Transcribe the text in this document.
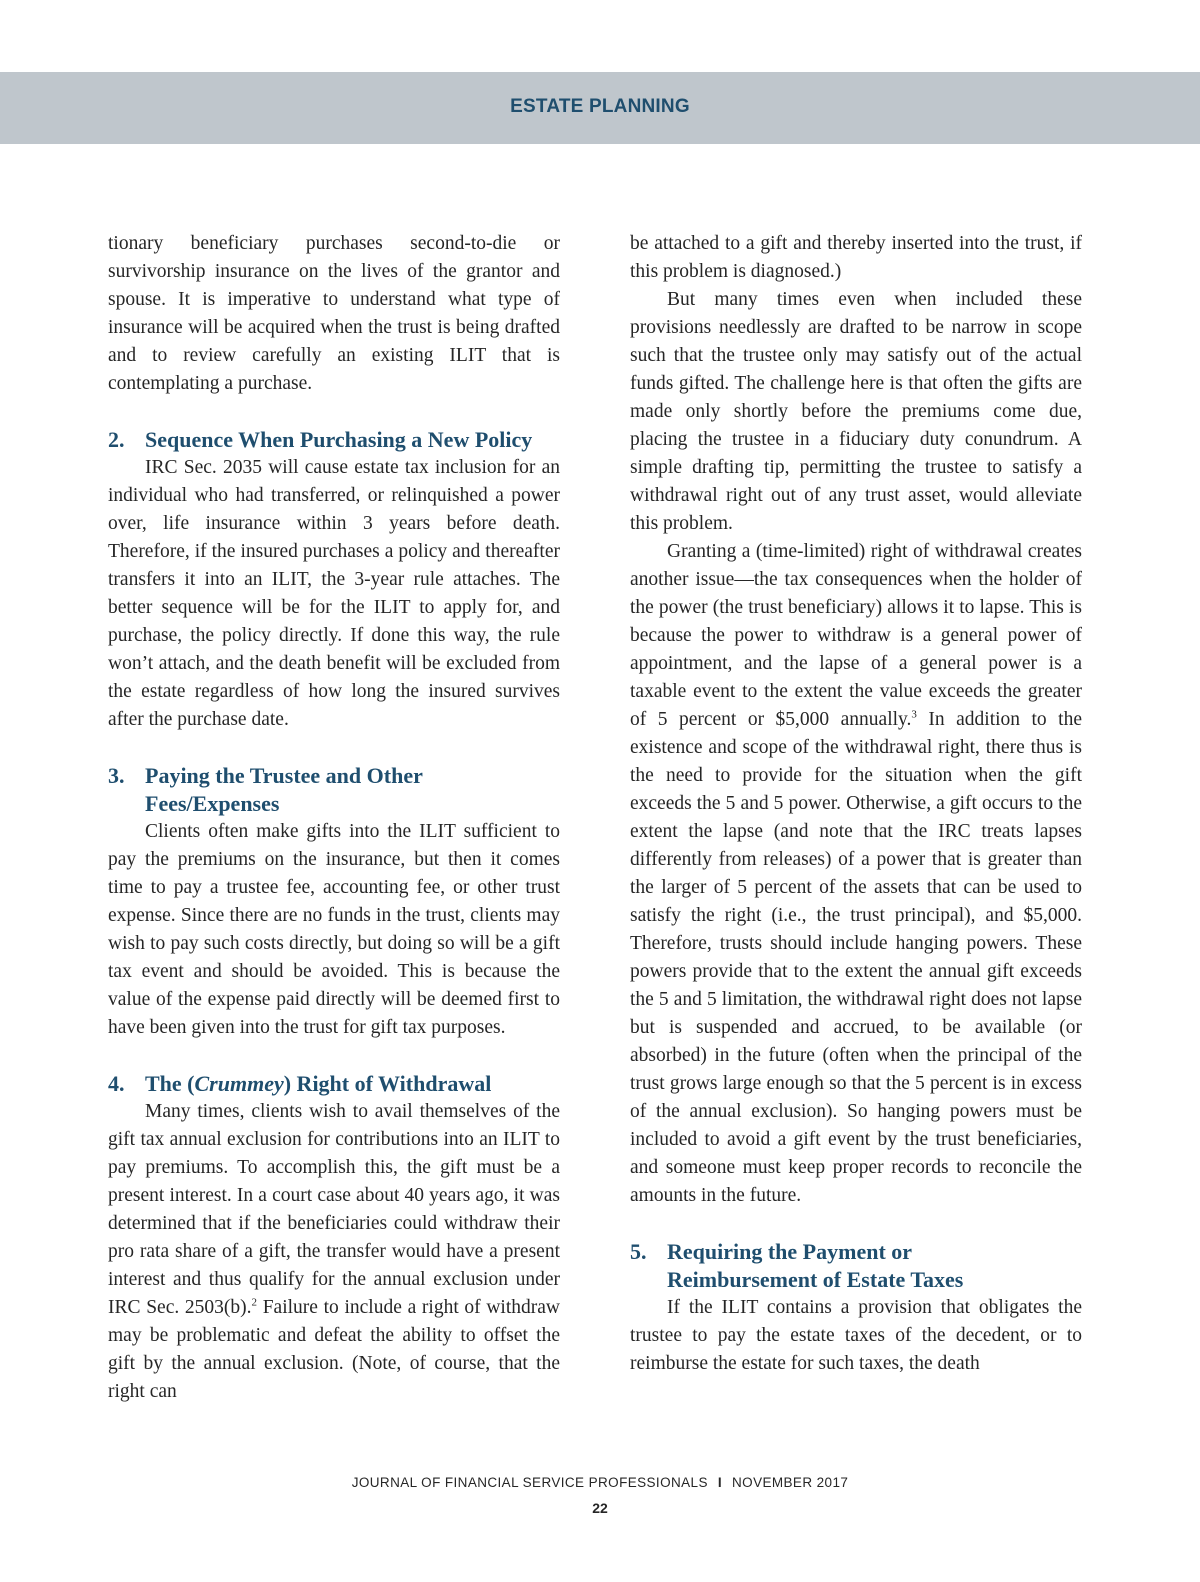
ESTATE PLANNING

tionary beneficiary purchases second-to-die or survivorship insurance on the lives of the grantor and spouse. It is imperative to understand what type of insurance will be acquired when the trust is being drafted and to review carefully an existing ILIT that is contemplating a purchase.

2. Sequence When Purchasing a New Policy

IRC Sec. 2035 will cause estate tax inclusion for an individual who had transferred, or relinquished a power over, life insurance within 3 years before death. Therefore, if the insured purchases a policy and thereafter transfers it into an ILIT, the 3-year rule attaches. The better sequence will be for the ILIT to apply for, and purchase, the policy directly. If done this way, the rule won’t attach, and the death benefit will be excluded from the estate regardless of how long the insured survives after the purchase date.

3. Paying the Trustee and Other Fees/Expenses

Clients often make gifts into the ILIT sufficient to pay the premiums on the insurance, but then it comes time to pay a trustee fee, accounting fee, or other trust expense. Since there are no funds in the trust, clients may wish to pay such costs directly, but doing so will be a gift tax event and should be avoided. This is because the value of the expense paid directly will be deemed first to have been given into the trust for gift tax purposes.

4. The (Crummey) Right of Withdrawal

Many times, clients wish to avail themselves of the gift tax annual exclusion for contributions into an ILIT to pay premiums. To accomplish this, the gift must be a present interest. In a court case about 40 years ago, it was determined that if the beneficiaries could withdraw their pro rata share of a gift, the transfer would have a present interest and thus qualify for the annual exclusion under IRC Sec. 2503(b).$^2$ Failure to include a right of withdraw may be problematic and defeat the ability to offset the gift by the annual exclusion. (Note, of course, that the right can

be attached to a gift and thereby inserted into the trust, if this problem is diagnosed.)

But many times even when included these provisions needlessly are drafted to be narrow in scope such that the trustee only may satisfy out of the actual funds gifted. The challenge here is that often the gifts are made only shortly before the premiums come due, placing the trustee in a fiduciary duty conundrum. A simple drafting tip, permitting the trustee to satisfy a withdrawal right out of any trust asset, would alleviate this problem.

Granting a (time-limited) right of withdrawal creates another issue—the tax consequences when the holder of the power (the trust beneficiary) allows it to lapse. This is because the power to withdraw is a general power of appointment, and the lapse of a general power is a taxable event to the extent the value exceeds the greater of 5 percent or $5,000 annually.$^3$ In addition to the existence and scope of the withdrawal right, there thus is the need to provide for the situation when the gift exceeds the 5 and 5 power. Otherwise, a gift occurs to the extent the lapse (and note that the IRC treats lapses differently from releases) of a power that is greater than the larger of 5 percent of the assets that can be used to satisfy the right (i.e., the trust principal), and $5,000. Therefore, trusts should include hanging powers. These powers provide that to the extent the annual gift exceeds the 5 and 5 limitation, the withdrawal right does not lapse but is suspended and accrued, to be available (or absorbed) in the future (often when the principal of the trust grows large enough so that the 5 percent is in excess of the annual exclusion). So hanging powers must be included to avoid a gift event by the trust beneficiaries, and someone must keep proper records to reconcile the amounts in the future.

5. Requiring the Payment or
Reimbursement of Estate Taxes

If the ILIT contains a provision that obligates the trustee to pay the estate taxes of the decedent, or to reimburse the estate for such taxes, the death

JOURNAL OF FINANCIAL SERVICE PROFESSIONALS I NOVEMBER 2017
22
